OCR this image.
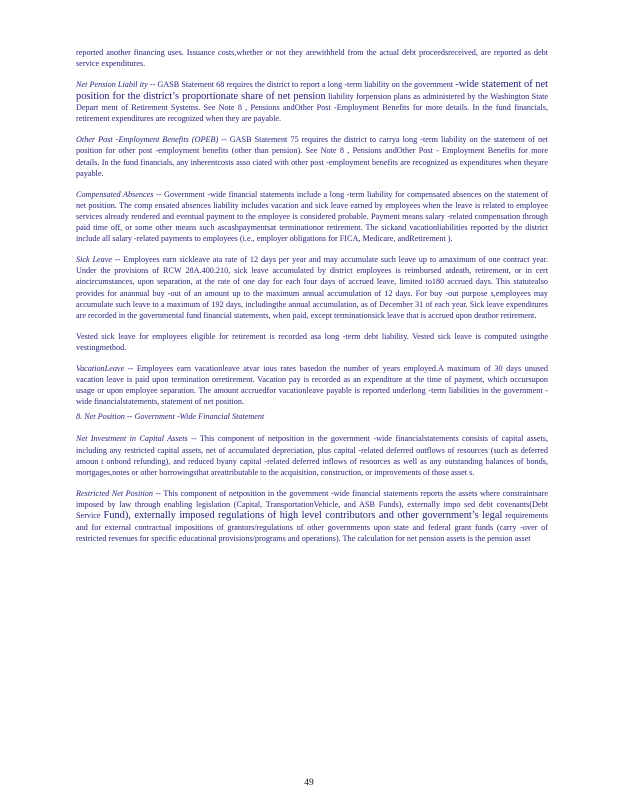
reported another financing uses. Issuance costs,whether or not they arewithheld from the actual debt proceedsreceived, are reported as debt service expenditures.

Net Pension Liabil ity -- GASB Statement 68 requires the district to report a long -term liability on the government -wide statement of net position for the district’s proportionate share of net pension liability forpension plans as administered by the Washington State Depart ment of Retirement Systems. See Note 8 , Pensions andOther Post -Employment Benefits for more details. In the fund financials, retirement expenditures are recognized when they are payable.

Other Post -Employment Benefits (OPEB) -- GASB Statement 75 requires the district to carrya long -term liability on the statement of net position for other post -employment benefits (other than pension). See Note 8 , Pensions andOther Post - Employment Benefits for more details. In the fund financials, any inherentcosts asso ciated with other post -employment benefits are recognized as expenditures when theyare payable.

Compensated Absences -- Government -wide financial statements include a long -term liability for compensated absences on the statement of net position. The comp ensated absences liability includes vacation and sick leave earned by employees when the leave is related to employee services already rendered and eventual payment to the employee is considered probable. Payment means salary -related compensation through paid time off, or some other means such ascashpaymentsat terminationor retirement. The sickand vacationliabilities reported by the district include all salary -related payments to employees (i.e., employer obligations for FICA, Medicare, andRetirement ).

Sick Leave -- Employees earn sickleave ata rate of 12 days per year and may accumulate such leave up to amaximum of one contract year. Under the provisions of RCW 28A.400.210, sick leave accumulated by district employees is reimbursed atdeath, retirement, or in cert aincircumstances, upon separation, at the rate of one day for each four days of accrued leave, limited to180 accrued days. This statutealso provides for anannual buy -out of an amount up to the maximum annual accumulation of 12 days. For buy -out purpose s,employees may accumulate such leave to a maximum of 192 days, includingthe annual accumulation, as of December 31 of each year. Sick leave expenditures are recorded in the governmental fund financial statements, when paid, except terminationsick leave that is accrued upon deathor retirement.

Vested sick leave for employees eligible for retirement is recorded asa long -term debt liability. Vested sick leave is computed usingthe vestingmethod.

VacationLeave -- Employees earn vacationleave atvar ious rates basedon the number of years employed.A maximum of 30 days unused vacation leave is paid upon termination orretirement. Vacation pay is recorded as an expenditure at the time of payment, which occursupon usage or upon employee separation. The amount accruedfor vacationleave payable is reported underlong -term liabilities in the government -wide financialstatements, statement of net position.

8. Net Position -- Government -Wide Financial Statement

Net Investment in Capital Assets -- This component of netposition in the government -wide financialstatements consists of capital assets, including any restricted capital assets, net of accumulated depreciation, plus capital -related deferred outflows of resources (such as deferred amoun t onbond refunding), and reduced byany capital -related deferred inflows of resources as well as any outstanding balances of bonds, mortgages,notes or other borrowingsthat areattributable to the acquisition, construction, or improvements of those asset s.

Restricted Net Position -- This component of netposition in the government -wide financial statements reports the assets where constraintsare imposed by law through enabling legislation (Capital, TransportationVehicle, and ASB Funds), externally impo sed debt covenants(Debt Service Fund), externally imposed regulations of high level contributors and other government’s legal requirements and for external contractual impositions of grantors/regulations of other governments upon state and federal grant funds (carry -over of restricted revenues for specific educational provisions/programs and operations). The calculation for net pension assets is the pension asset

49
